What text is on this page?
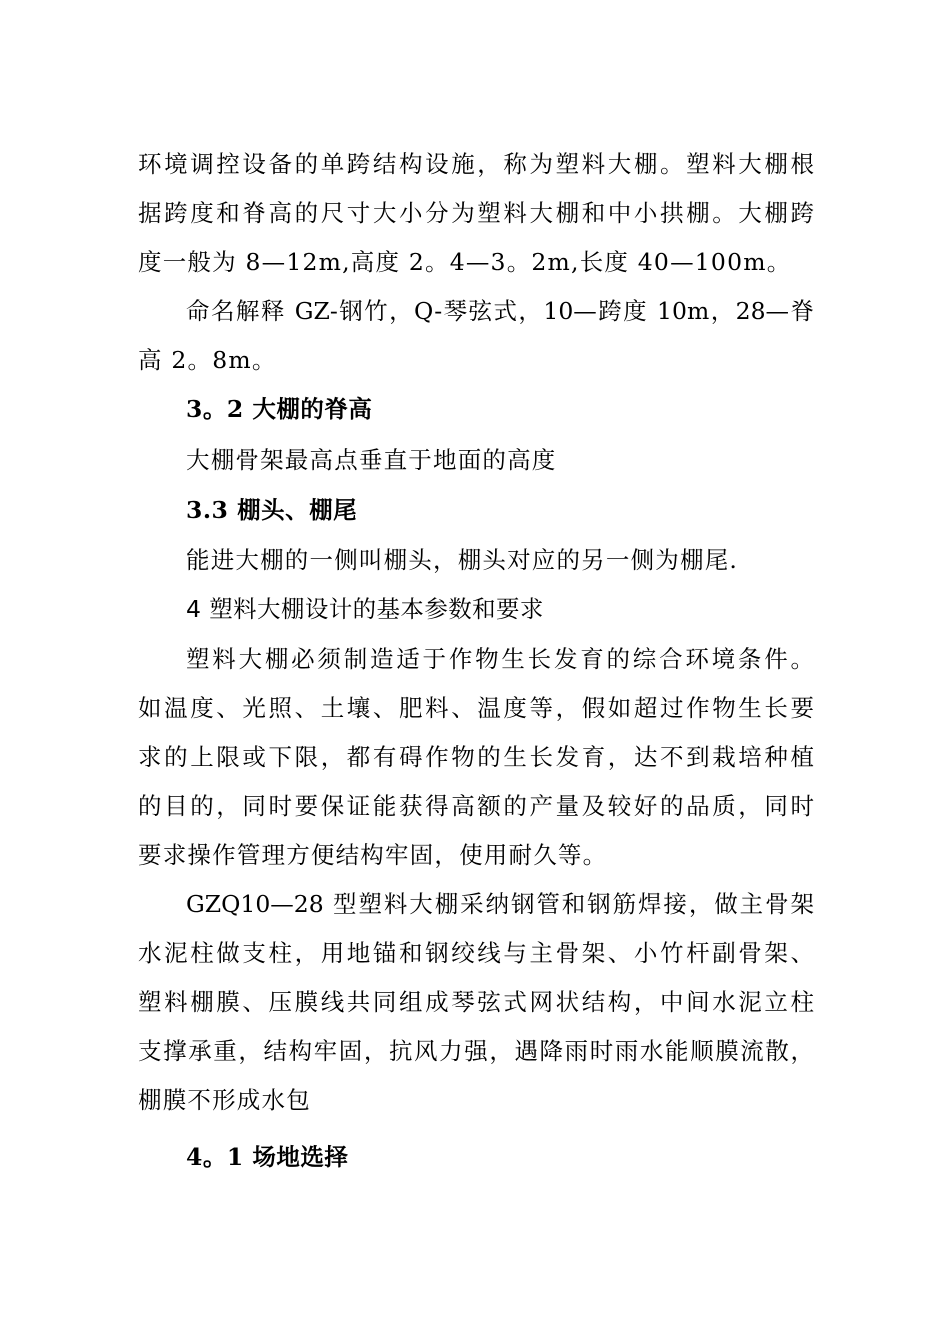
环境调控设备的单跨结构设施，称为塑料大棚。塑料大棚根
据跨度和脊高的尺寸大小分为塑料大棚和中小拱棚。大棚跨
度一般为 8—12m,高度 2。4—3。2m,长度 40—100m。
命名解释 GZ-钢竹，Q-琴弦式，10—跨度 10m，28—脊
高 2。8m。
3。2 大棚的脊高
大棚骨架最高点垂直于地面的高度
3.3 棚头、棚尾
能进大棚的一侧叫棚头，棚头对应的另一侧为棚尾.
4 塑料大棚设计的基本参数和要求
塑料大棚必须制造适于作物生长发育的综合环境条件。
如温度、光照、土壤、肥料、温度等，假如超过作物生长要
求的上限或下限，都有碍作物的生长发育，达不到栽培种植
的目的，同时要保证能获得高额的产量及较好的品质，同时
要求操作管理方便结构牢固，使用耐久等。
GZQ10—28 型塑料大棚采纳钢管和钢筋焊接，做主骨架
水泥柱做支柱，用地锚和钢绞线与主骨架、小竹杆副骨架、
塑料棚膜、压膜线共同组成琴弦式网状结构，中间水泥立柱
支撑承重，结构牢固，抗风力强，遇降雨时雨水能顺膜流散，
棚膜不形成水包
4。1 场地选择
